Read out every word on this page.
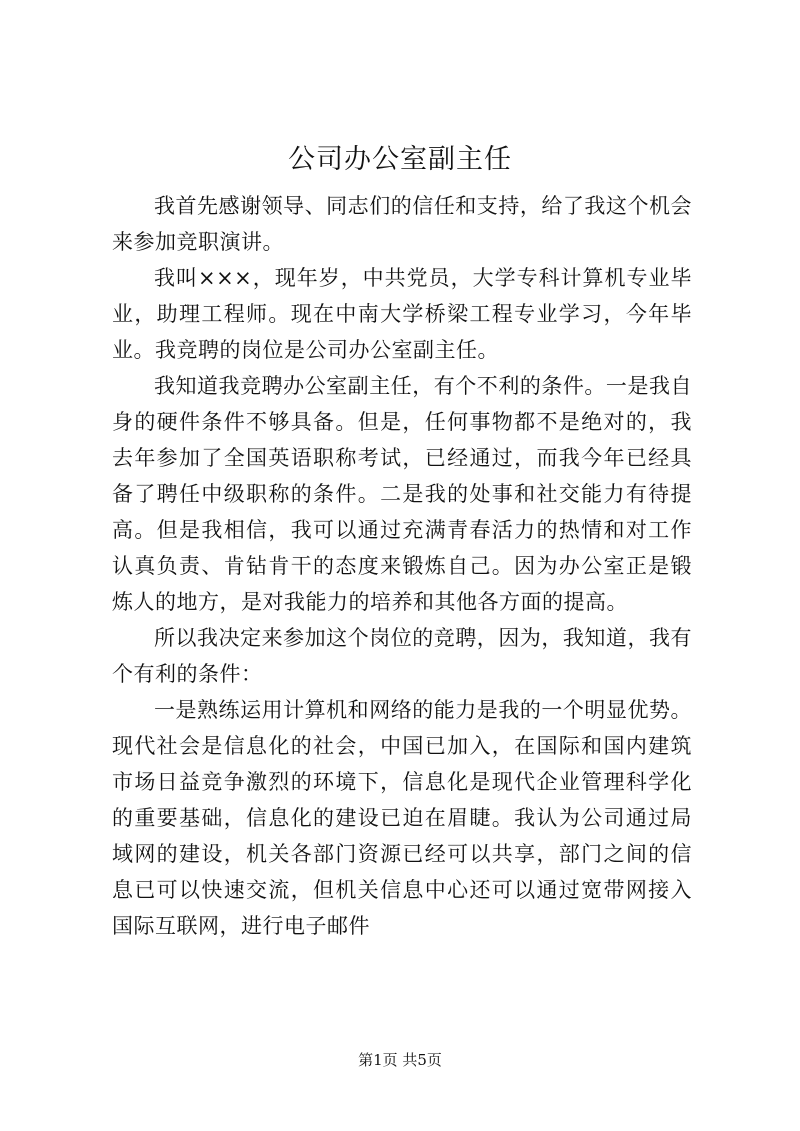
公司办公室副主任

我首先感谢领导、同志们的信任和支持，给了我这个机会来参加竞职演讲。

我叫×××，现年岁，中共党员，大学专科计算机专业毕业，助理工程师。现在中南大学桥梁工程专业学习，今年毕业。我竞聘的岗位是公司办公室副主任。

我知道我竞聘办公室副主任，有个不利的条件。一是我自身的硬件条件不够具备。但是，任何事物都不是绝对的，我去年参加了全国英语职称考试，已经通过，而我今年已经具备了聘任中级职称的条件。二是我的处事和社交能力有待提高。但是我相信，我可以通过充满青春活力的热情和对工作认真负责、肯钻肯干的态度来锻炼自己。因为办公室正是锻炼人的地方，是对我能力的培养和其他各方面的提高。

所以我决定来参加这个岗位的竞聘，因为，我知道，我有个有利的条件：

一是熟练运用计算机和网络的能力是我的一个明显优势。现代社会是信息化的社会，中国已加入，在国际和国内建筑市场日益竞争激烈的环境下，信息化是现代企业管理科学化的重要基础，信息化的建设已迫在眉睫。我认为公司通过局域网的建设，机关各部门资源已经可以共享，部门之间的信息已可以快速交流，但机关信息中心还可以通过宽带网接入国际互联网，进行电子邮件

第1页 共5页
